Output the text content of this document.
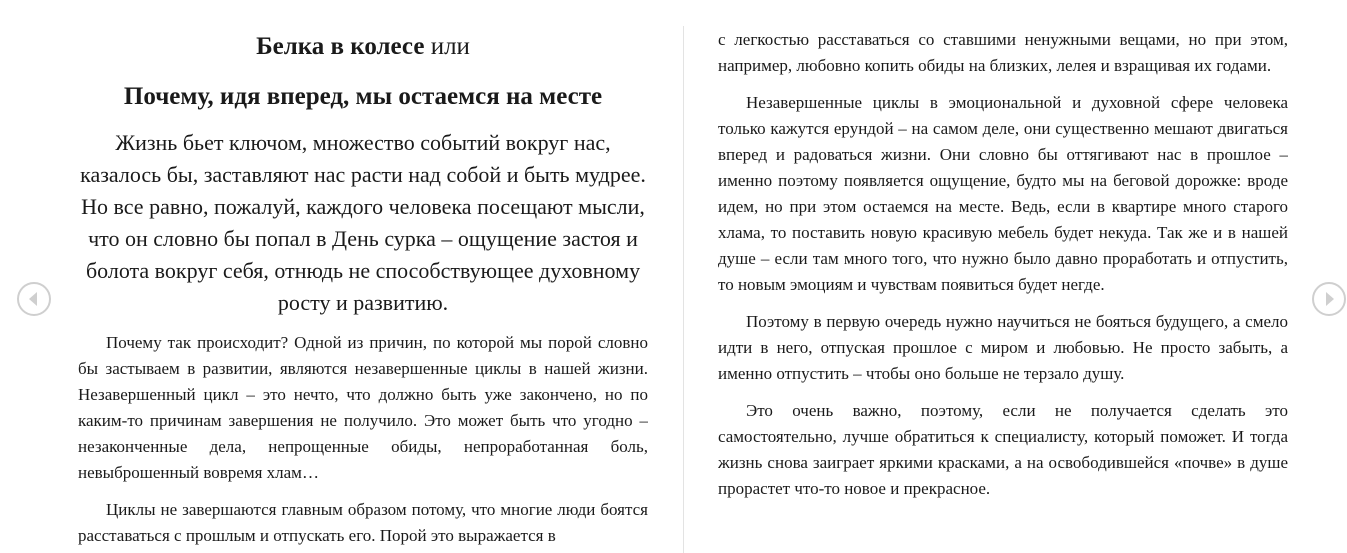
Белка в колесе или
Почему, идя вперед, мы остаемся на месте

Жизнь бьет ключом, множество событий вокруг нас, казалось бы, заставляют нас расти над собой и быть мудрее. Но все равно, пожалуй, каждого человека посещают мысли, что он словно бы попал в День сурка – ощущение застоя и болота вокруг себя, отнюдь не способствующее духовному росту и развитию.

Почему так происходит? Одной из причин, по которой мы порой словно бы застываем в развитии, являются незавершенные циклы в нашей жизни. Незавершенный цикл – это нечто, что должно быть уже закончено, но по каким-то причинам завершения не получило. Это может быть что угодно – незаконченные дела, непрощенные обиды, непроработанная боль, невыброшенный вовремя хлам…

Циклы не завершаются главным образом потому, что многие люди боятся расставаться с прошлым и отпускать его. Порой это выражается в

с легкостью расставаться со ставшими ненужными вещами, но при этом, например, любовно копить обиды на близких, лелея и взращивая их годами.

Незавершенные циклы в эмоциональной и духовной сфере человека только кажутся ерундой – на самом деле, они существенно мешают двигаться вперед и радоваться жизни. Они словно бы оттягивают нас в прошлое – именно поэтому появляется ощущение, будто мы на беговой дорожке: вроде идем, но при этом остаемся на месте. Ведь, если в квартире много старого хлама, то поставить новую красивую мебель будет некуда. Так же и в нашей душе – если там много того, что нужно было давно проработать и отпустить, то новым эмоциям и чувствам появиться будет негде.

Поэтому в первую очередь нужно научиться не бояться будущего, а смело идти в него, отпуская прошлое с миром и любовью. Не просто забыть, а именно отпустить – чтобы оно больше не терзало душу.

Это очень важно, поэтому, если не получается сделать это самостоятельно, лучше обратиться к специалисту, который поможет. И тогда жизнь снова заиграет яркими красками, а на освободившейся «почве» в душе прорастет что-то новое и прекрасное.
